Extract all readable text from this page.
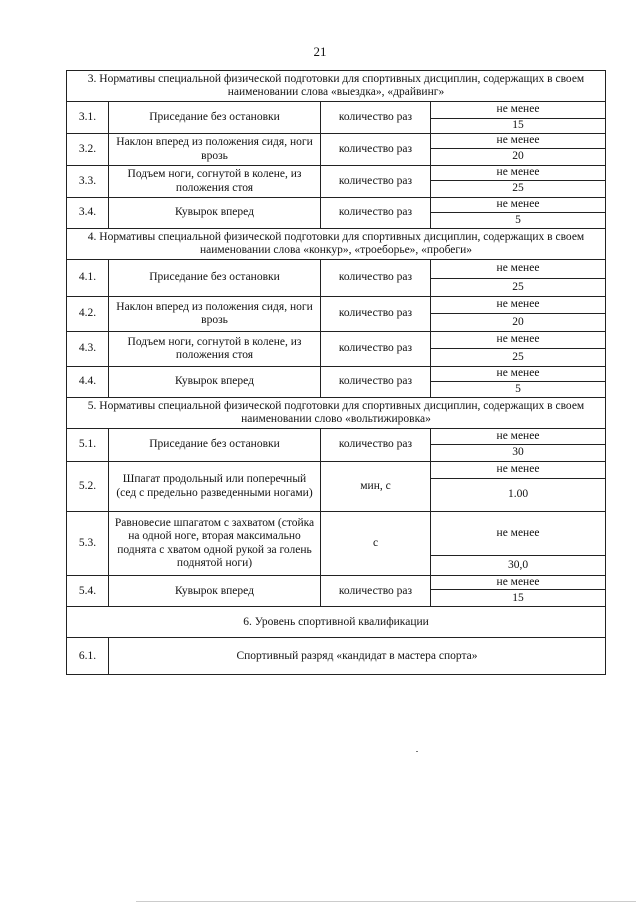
21
3. Нормативы специальной физической подготовки для спортивных дисциплин, содержащих в своем наименовании слова «выездка», «драйвинг»			
3.1.	Приседание без остановки	количество раз	не менее
			15
3.2.	Наклон вперед из положения сидя, ноги врозь	количество раз	не менее
			20
3.3.	Подъем ноги, согнутой в колене, из положения стоя	количество раз	не менее
			25
3.4.	Кувырок вперед	количество раз	не менее
			5
4. Нормативы специальной физической подготовки для спортивных дисциплин, содержащих в своем наименовании слова «конкур», «троеборье», «пробеги»			
4.1.	Приседание без остановки	количество раз	не менее
			25
4.2.	Наклон вперед из положения сидя, ноги врозь	количество раз	не менее
			20
4.3.	Подъем ноги, согнутой в колене, из положения стоя	количество раз	не менее
			25
4.4.	Кувырок вперед	количество раз	не менее
			5
5. Нормативы специальной физической подготовки для спортивных дисциплин, содержащих в своем наименовании слово «вольтижировка»			
5.1.	Приседание без остановки	количество раз	не менее
			30
5.2.	Шпагат продольный или поперечный (сед с предельно разведенными ногами)	мин, с	не менее
			1.00
5.3.	Равновесие шпагатом с захватом (стойка на одной ноге, вторая максимально поднята с хватом одной рукой за голень поднятой ноги)	с	не менее
			30,0
5.4.	Кувырок вперед	количество раз	не менее
			15
6. Уровень спортивной квалификации			
6.1.	Спортивный разряд «кандидат в мастера спорта»		
